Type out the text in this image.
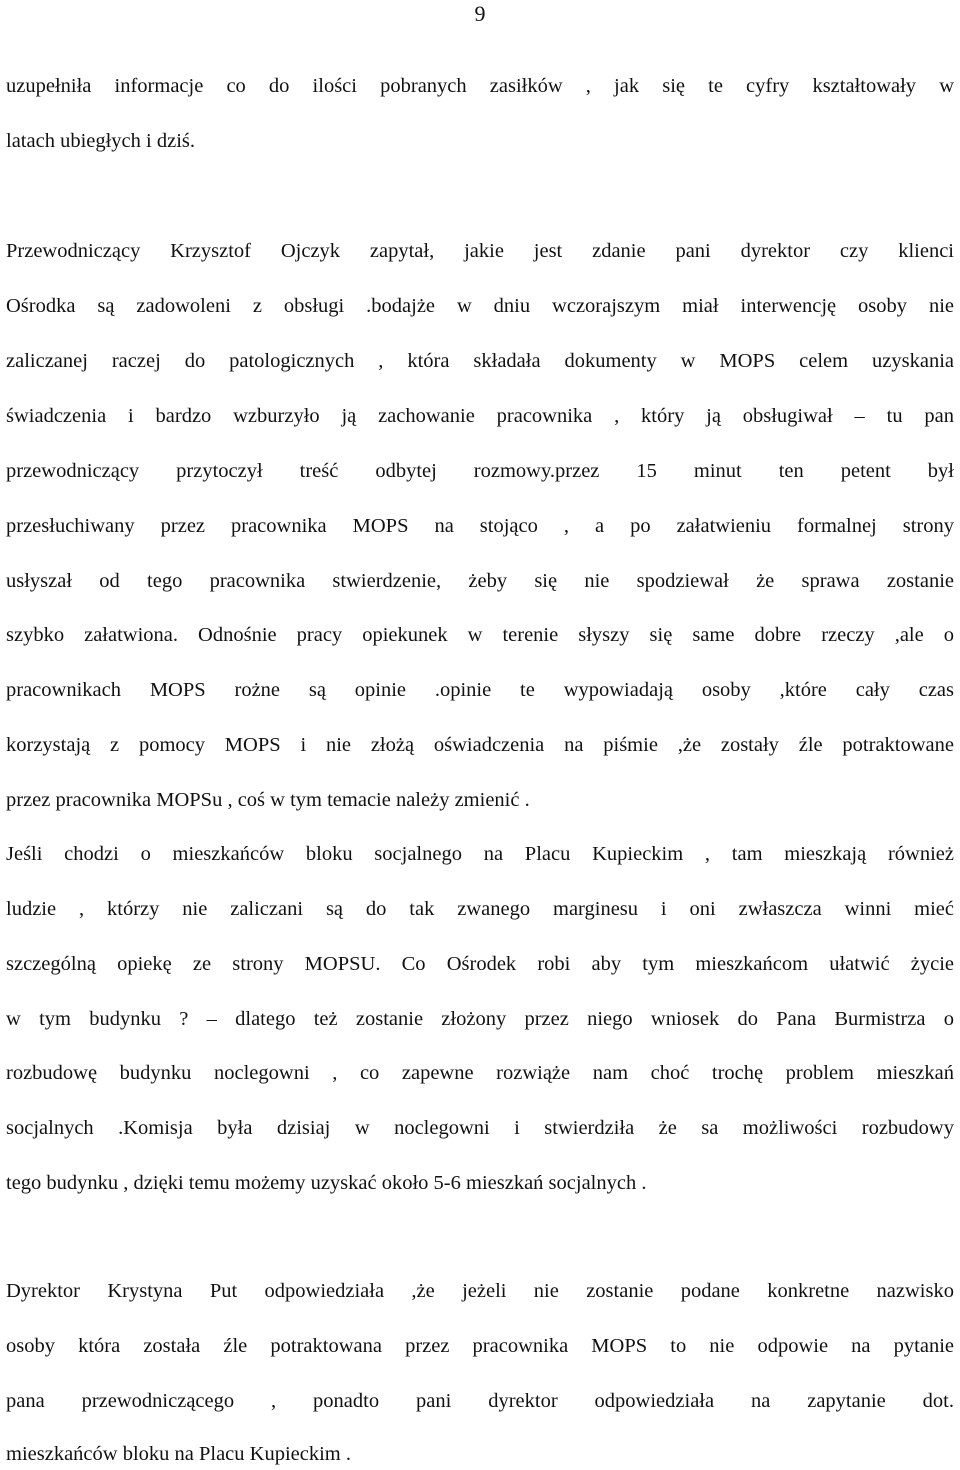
9
uzupełniła informacje co do ilości pobranych zasiłków , jak się te cyfry kształtowały w
latach ubiegłych i dziś.
Przewodniczący Krzysztof Ojczyk zapytał, jakie jest zdanie pani dyrektor czy klienci
Ośrodka są zadowoleni z obsługi .bodajże w dniu wczorajszym miał interwencję osoby nie
zaliczanej raczej do patologicznych , która składała dokumenty w MOPS celem uzyskania
świadczenia i bardzo wzburzyło ją zachowanie pracownika , który ją obsługiwał – tu pan
przewodniczący przytoczył treść odbytej rozmowy.przez 15 minut ten petent był
przesłuchiwany przez pracownika MOPS na stojąco , a po załatwieniu formalnej strony
usłyszał od tego pracownika stwierdzenie, żeby się nie spodziewał że sprawa zostanie
szybko załatwiona. Odnośnie pracy opiekunek w terenie słyszy się same dobre rzeczy ,ale o
pracownikach MOPS rożne są opinie .opinie te wypowiadają osoby ,które cały czas
korzystają z pomocy MOPS i nie złożą oświadczenia na piśmie ,że zostały źle potraktowane
przez pracownika MOPSu , coś w tym temacie należy zmienić .
Jeśli chodzi o mieszkańców bloku socjalnego na Placu Kupieckim , tam mieszkają również
ludzie , którzy nie zaliczani są do tak zwanego marginesu i oni zwłaszcza winni mieć
szczególną opiekę ze strony MOPSU. Co Ośrodek robi aby tym mieszkańcom ułatwić życie
w tym budynku ? – dlatego też zostanie złożony przez niego wniosek do Pana Burmistrza o
rozbudowę budynku noclegowni , co zapewne rozwiąże nam choć trochę problem mieszkań
socjalnych .Komisja była dzisiaj w noclegowni i stwierdziła że sa możliwości rozbudowy
tego budynku , dzięki temu możemy uzyskać około 5-6 mieszkań socjalnych .
Dyrektor Krystyna Put odpowiedziała ,że jeżeli nie zostanie podane konkretne nazwisko
osoby która została źle potraktowana przez pracownika MOPS to nie odpowie na pytanie
pana przewodniczącego , ponadto pani dyrektor odpowiedziała na zapytanie dot.
mieszkańców bloku na Placu Kupieckim .
